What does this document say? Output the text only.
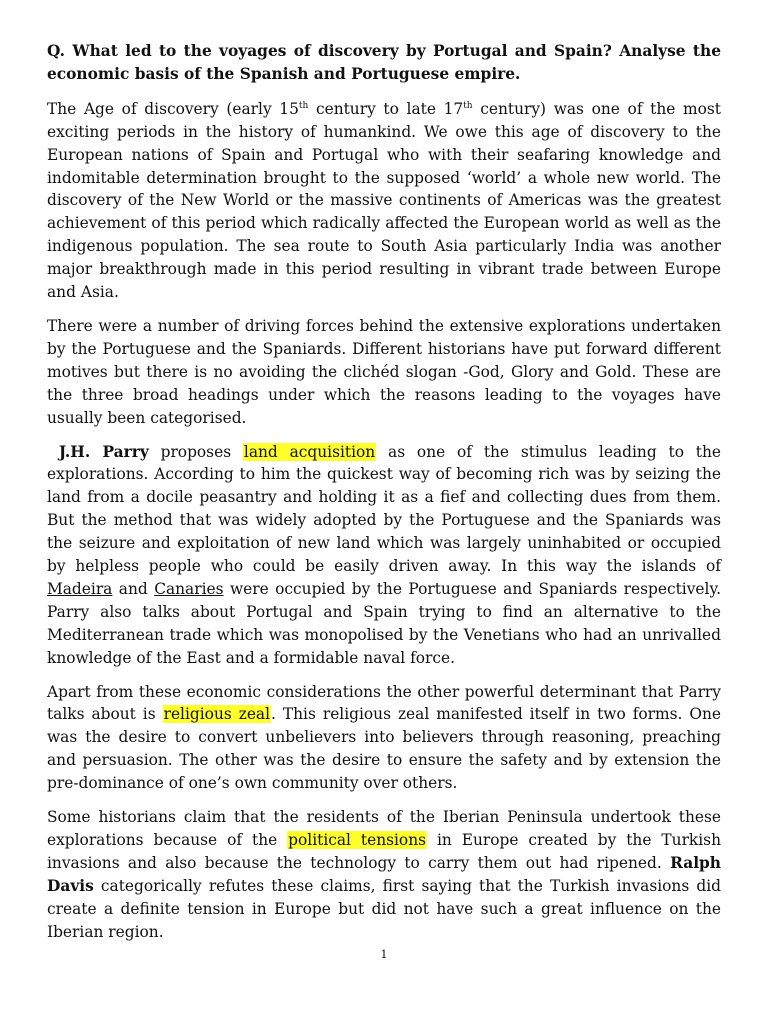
Q. What led to the voyages of discovery by Portugal and Spain? Analyse the economic basis of the Spanish and Portuguese empire.

The Age of discovery (early 15th century to late 17th century) was one of the most exciting periods in the history of humankind. We owe this age of discovery to the European nations of Spain and Portugal who with their seafaring knowledge and indomitable determination brought to the supposed ‘world’ a whole new world. The discovery of the New World or the massive continents of Americas was the greatest achievement of this period which radically affected the European world as well as the indigenous population. The sea route to South Asia particularly India was another major breakthrough made in this period resulting in vibrant trade between Europe and Asia.

There were a number of driving forces behind the extensive explorations undertaken by the Portuguese and the Spaniards. Different historians have put forward different motives but there is no avoiding the clichéd slogan -God, Glory and Gold. These are the three broad headings under which the reasons leading to the voyages have usually been categorised.

J.H. Parry proposes land acquisition as one of the stimulus leading to the explorations. According to him the quickest way of becoming rich was by seizing the land from a docile peasantry and holding it as a fief and collecting dues from them. But the method that was widely adopted by the Portuguese and the Spaniards was the seizure and exploitation of new land which was largely uninhabited or occupied by helpless people who could be easily driven away. In this way the islands of Madeira and Canaries were occupied by the Portuguese and Spaniards respectively. Parry also talks about Portugal and Spain trying to find an alternative to the Mediterranean trade which was monopolised by the Venetians who had an unrivalled knowledge of the East and a formidable naval force.

Apart from these economic considerations the other powerful determinant that Parry talks about is religious zeal. This religious zeal manifested itself in two forms. One was the desire to convert unbelievers into believers through reasoning, preaching and persuasion. The other was the desire to ensure the safety and by extension the pre-dominance of one’s own community over others.

Some historians claim that the residents of the Iberian Peninsula undertook these explorations because of the political tensions in Europe created by the Turkish invasions and also because the technology to carry them out had ripened. Ralph Davis categorically refutes these claims, first saying that the Turkish invasions did create a definite tension in Europe but did not have such a great influence on the Iberian region.

1
